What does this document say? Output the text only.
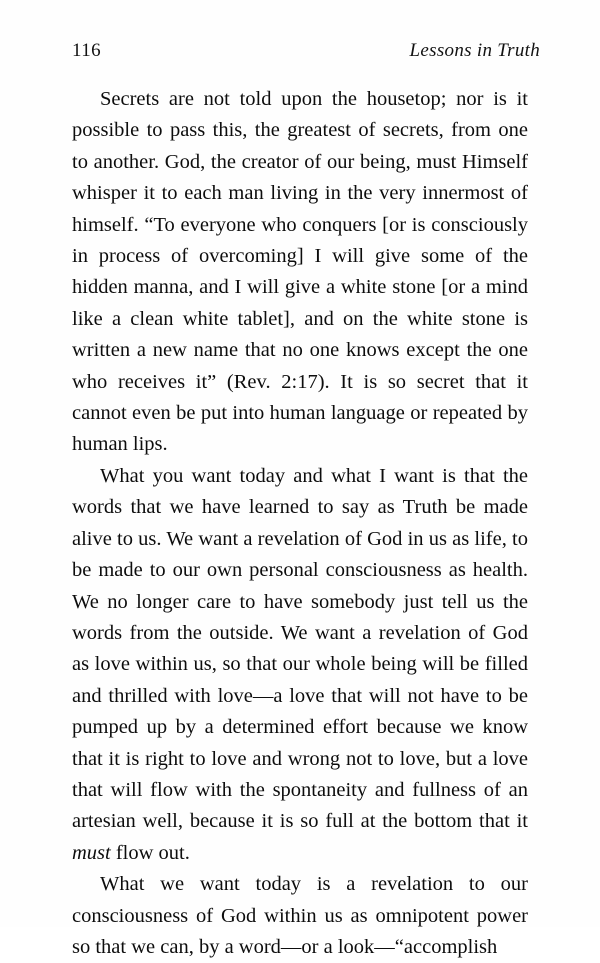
116	Lessons in Truth

Secrets are not told upon the housetop; nor is it possible to pass this, the greatest of secrets, from one to another. God, the creator of our being, must Himself whisper it to each man living in the very innermost of himself. “To everyone who conquers [or is consciously in process of overcoming] I will give some of the hidden manna, and I will give a white stone [or a mind like a clean white tablet], and on the white stone is written a new name that no one knows except the one who receives it” (Rev. 2:17). It is so secret that it cannot even be put into human language or repeated by human lips.

What you want today and what I want is that the words that we have learned to say as Truth be made alive to us. We want a revelation of God in us as life, to be made to our own personal consciousness as health. We no longer care to have somebody just tell us the words from the outside. We want a revelation of God as love within us, so that our whole being will be filled and thrilled with love—a love that will not have to be pumped up by a determined effort because we know that it is right to love and wrong not to love, but a love that will flow with the spontaneity and fullness of an artesian well, because it is so full at the bottom that it must flow out.

What we want today is a revelation to our consciousness of God within us as omnipotent power so that we can, by a word—or a look—“accomplish
